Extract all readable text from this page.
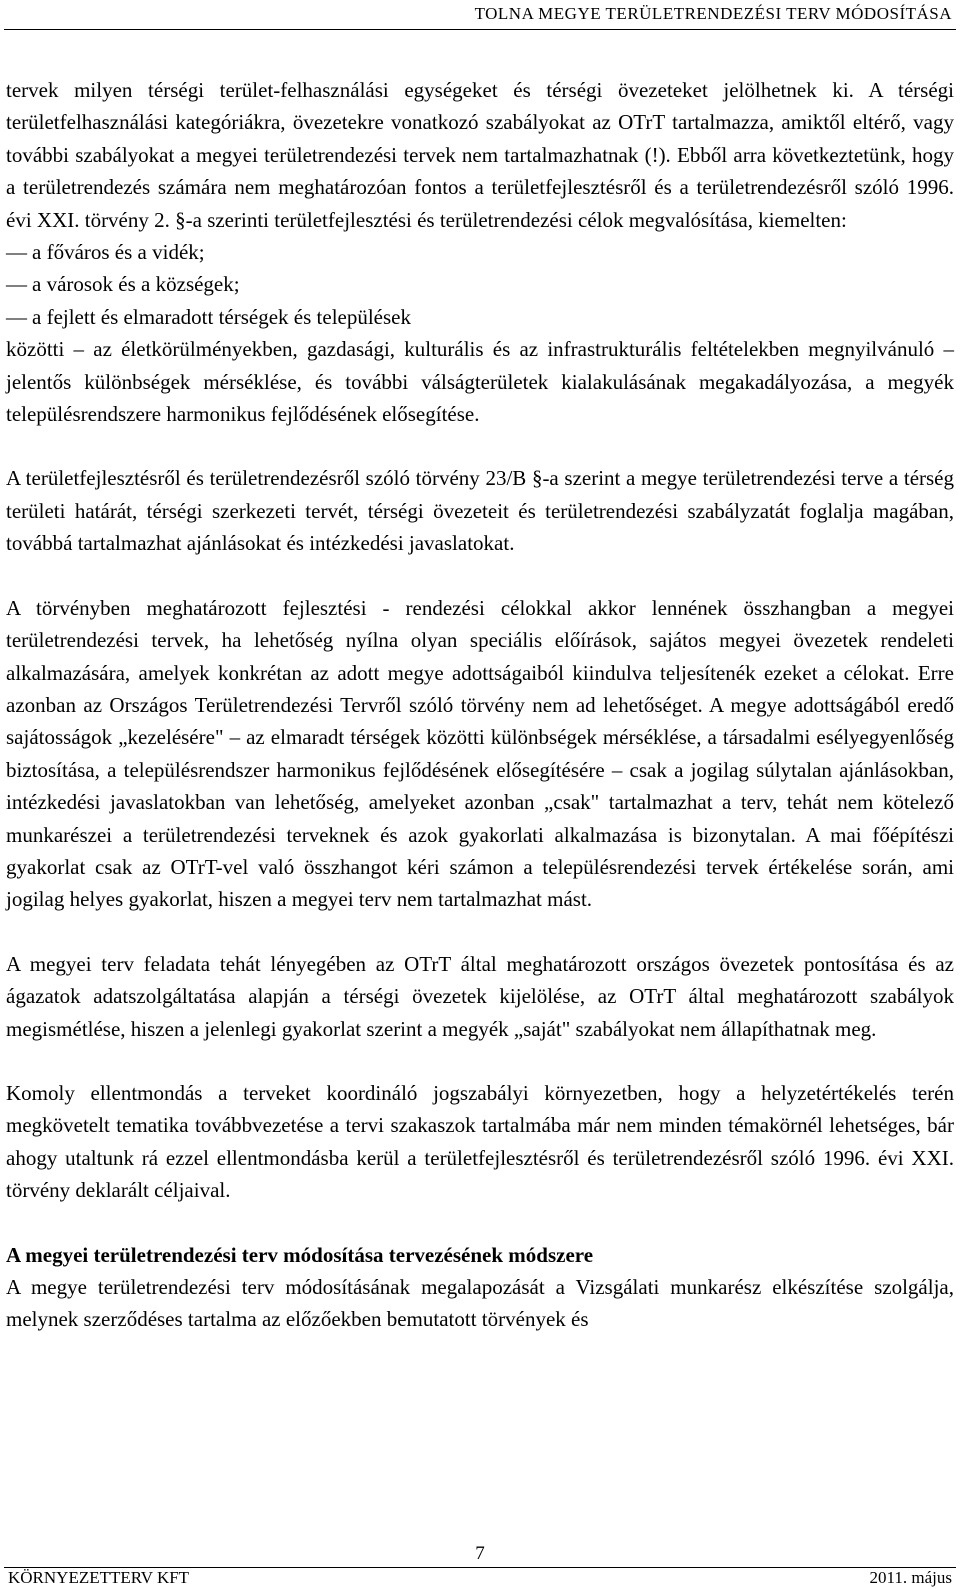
TOLNA MEGYE TERÜLETRENDEZÉSI TERV MÓDOSÍTÁSA

tervek milyen térségi terület-felhasználási egységeket és térségi övezeteket jelölhetnek ki. A térségi területfelhasználási kategóriákra, övezetekre vonatkozó szabályokat az OTrT tartalmazza, amiktől eltérő, vagy további szabályokat a megyei területrendezési tervek nem tartalmazhatnak (!). Ebből arra következtetünk, hogy a területrendezés számára nem meghatározóan fontos a területfejlesztésről és a területrendezésről szóló 1996. évi XXI. törvény 2. §-a szerinti területfejlesztési és területrendezési célok megvalósítása, kiemelten:

— a főváros és a vidék;
— a városok és a községek;
— a fejlett és elmaradott térségek és települések

közötti – az életkörülményekben, gazdasági, kulturális és az infrastrukturális feltételekben megnyilvánuló – jelentős különbségek mérséklése, és további válságterületek kialakulásának megakadályozása, a megyék településrendszere harmonikus fejlődésének elősegítése.

A területfejlesztésről és területrendezésről szóló törvény 23/B §-a szerint a megye területrendezési terve a térség területi határát, térségi szerkezeti tervét, térségi övezeteit és területrendezési szabályzatát foglalja magában, továbbá tartalmazhat ajánlásokat és intézkedési javaslatokat.

A törvényben meghatározott fejlesztési - rendezési célokkal akkor lennének összhangban a megyei területrendezési tervek, ha lehetőség nyílna olyan speciális előírások, sajátos megyei övezetek rendeleti alkalmazására, amelyek konkrétan az adott megye adottságaiból kiindulva teljesítenék ezeket a célokat. Erre azonban az Országos Területrendezési Tervről szóló törvény nem ad lehetőséget. A megye adottságából eredő sajátosságok „kezelésére" – az elmaradt térségek közötti különbségek mérséklése, a társadalmi esélyegyenlőség biztosítása, a településrendszer harmonikus fejlődésének elősegítésére – csak a jogilag súlytalan ajánlásokban, intézkedési javaslatokban van lehetőség, amelyeket azonban „csak" tartalmazhat a terv, tehát nem kötelező munkarészei a területrendezési terveknek és azok gyakorlati alkalmazása is bizonytalan. A mai főépítészi gyakorlat csak az OTrT-vel való összhangot kéri számon a településrendezési tervek értékelése során, ami jogilag helyes gyakorlat, hiszen a megyei terv nem tartalmazhat mást.

A megyei terv feladata tehát lényegében az OTrT által meghatározott országos övezetek pontosítása és az ágazatok adatszolgáltatása alapján a térségi övezetek kijelölése, az OTrT által meghatározott szabályok megismétlése, hiszen a jelenlegi gyakorlat szerint a megyék „saját" szabályokat nem állapíthatnak meg.

Komoly ellentmondás a terveket koordináló jogszabályi környezetben, hogy a helyzetértékelés terén megkövetelt tematika továbbvezetése a tervi szakaszok tartalmába már nem minden témakörnél lehetséges, bár ahogy utaltunk rá ezzel ellentmondásba kerül a területfejlesztésről és területrendezésről szóló 1996. évi XXI. törvény deklarált céljaival.

A megyei területrendezési terv módosítása tervezésének módszere

A megye területrendezési terv módosításának megalapozását a Vizsgálati munkarész elkészítése szolgálja, melynek szerződéses tartalma az előzőekben bemutatott törvények és

7
KÖRNYEZETTERV KFT	2011. május
